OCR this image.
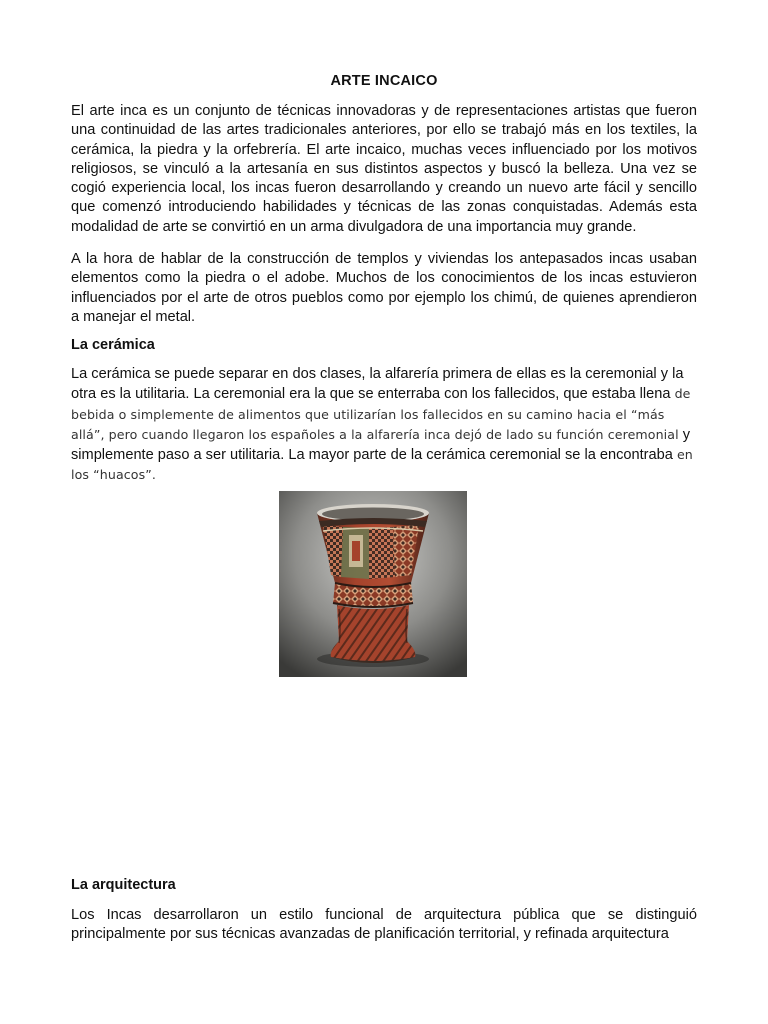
ARTE INCAICO

El arte inca es un conjunto de técnicas innovadoras y de representaciones artistas que fueron una continuidad de las artes tradicionales anteriores, por ello se trabajó más en los textiles, la cerámica, la piedra y la orfebrería. El arte incaico, muchas veces influenciado por los motivos religiosos, se vinculó a la artesanía en sus distintos aspectos y buscó la belleza. Una vez se cogió experiencia local, los incas fueron desarrollando y creando un nuevo arte fácil y sencillo que comenzó introduciendo habilidades y técnicas de las zonas conquistadas. Además esta modalidad de arte se convirtió en un arma divulgadora de una importancia muy grande.

A la hora de hablar de la construcción de templos y viviendas los antepasados incas usaban elementos como la piedra o el adobe. Muchos de los conocimientos de los incas estuvieron influenciados por el arte de otros pueblos como por ejemplo los chimú, de quienes aprendieron a manejar el metal.

La cerámica

La cerámica se puede separar en dos clases, la alfarería primera de ellas es la ceremonial y la otra es la utilitaria. La ceremonial era la que se enterraba con los fallecidos, que estaba llena de bebida o simplemente de alimentos que utilizarían los fallecidos en su camino hacia el “más allá”, pero cuando llegaron los españoles a la alfarería inca dejó de lado su función ceremonial y simplemente paso a ser utilitaria. La mayor parte de la cerámica ceremonial se la encontraba en los “huacos”.

La arquitectura

Los Incas desarrollaron un estilo funcional de arquitectura pública que se distinguió principalmente por sus técnicas avanzadas de planificación territorial, y refinada arquitectura
